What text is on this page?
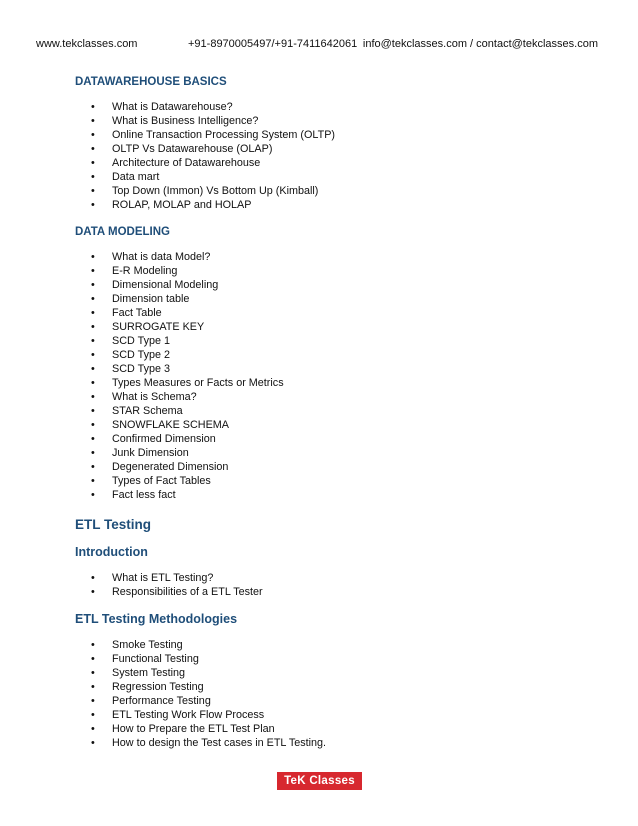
www.tekclasses.com	+91-8970005497/+91-7411642061 info@tekclasses.com / contact@tekclasses.com
DATAWAREHOUSE BASICS
• What is Datawarehouse?
• What is Business Intelligence?
• Online Transaction Processing System (OLTP)
• OLTP Vs Datawarehouse (OLAP)
• Architecture of Datawarehouse
• Data mart
• Top Down (Immon) Vs Bottom Up (Kimball)
• ROLAP, MOLAP and HOLAP
DATA MODELING
• What is data Model?
• E-R Modeling
• Dimensional Modeling
• Dimension table
• Fact Table
• SURROGATE KEY
• SCD Type 1
• SCD Type 2
• SCD Type 3
• Types Measures or Facts or Metrics
• What is Schema?
• STAR Schema
• SNOWFLAKE SCHEMA
• Confirmed Dimension
• Junk Dimension
• Degenerated Dimension
• Types of Fact Tables
• Fact less fact
ETL Testing
Introduction
• What is ETL Testing?
• Responsibilities of a ETL Tester
ETL Testing Methodologies
• Smoke Testing
• Functional Testing
• System Testing
• Regression Testing
• Performance Testing
• ETL Testing Work Flow Process
• How to Prepare the ETL Test Plan
• How to design the Test cases in ETL Testing.
TeK Classes
